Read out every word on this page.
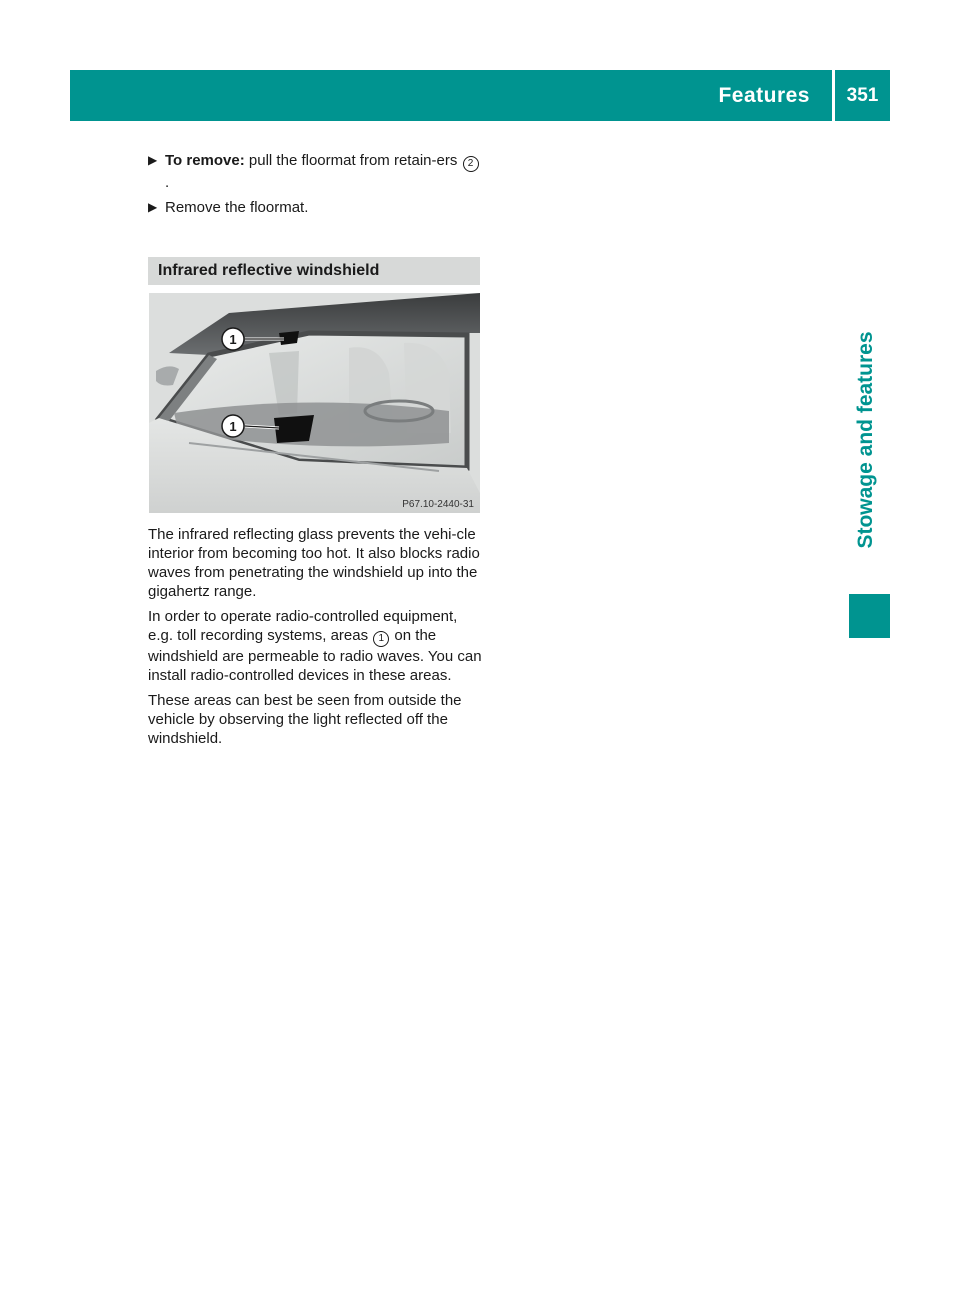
Features	351
Stowage and features
▶ To remove: pull the floormat from retain-ers 2.
▶ Remove the floormat.
Infrared reflective windshield
1
1
P67.10-2440-31

The infrared reflecting glass prevents the vehi-cle interior from becoming too hot. It also blocks radio waves from penetrating the windshield up into the gigahertz range.

In order to operate radio-controlled equipment, e.g. toll recording systems, areas 1 on the windshield are permeable to radio waves. You can install radio-controlled devices in these areas.

These areas can best be seen from outside the vehicle by observing the light reflected off the windshield.
